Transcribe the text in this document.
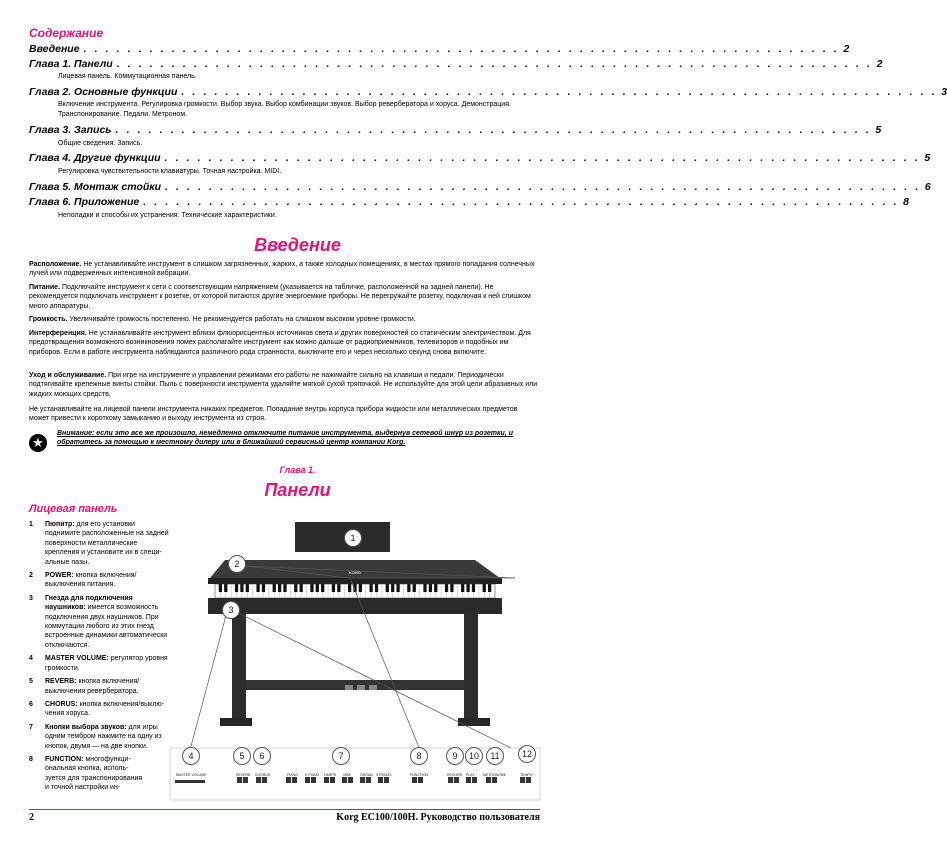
Содержание
Введение . . . . . . . . . . . . . . . . . . . . . . . . . . . . . . . . . . . . . . . . . . . . . . . . . . . . . . . . . . . . . . . . . . . . . 2
Глава 1. Панели . . . . . . . . . . . . . . . . . . . . . . . . . . . . . . . . . . . . . . . . . . . . . . . . . . . . . . . . . . . . . . . . . . . . . 2
Лицевая панель. Коммутационная панель.
Глава 2. Основные функции . . . . . . . . . . . . . . . . . . . . . . . . . . . . . . . . . . . . . . . . . . . . . . . . . . . . . . . . . . . . . . . . . . . . . 3
Включение инструмента. Регулировка громкости. Выбор звука. Выбор комбинации звуков. Выбор ревербератора и хоруса. Демонстрация. Транспонирование. Педали. Метроном.
Глава 3. Запись . . . . . . . . . . . . . . . . . . . . . . . . . . . . . . . . . . . . . . . . . . . . . . . . . . . . . . . . . . . . . . . . . . . . . 5
Общие сведения. Запись.
Глава 4. Другие функции . . . . . . . . . . . . . . . . . . . . . . . . . . . . . . . . . . . . . . . . . . . . . . . . . . . . . . . . . . . . . . . . . . . . . 5
Регулировка чувствительности клавиатуры. Точная настройка. MIDI.
Глава 5. Монтаж стойки . . . . . . . . . . . . . . . . . . . . . . . . . . . . . . . . . . . . . . . . . . . . . . . . . . . . . . . . . . . . . . . . . . . . . 6
Глава 6. Приложение . . . . . . . . . . . . . . . . . . . . . . . . . . . . . . . . . . . . . . . . . . . . . . . . . . . . . . . . . . . . . . . . . . . . . 8
Неполадки и способы их устранения. Технические характеристики.
Введение
Расположение. Не устанавливайте инструмент в слишком загрязненных, жарких, а также холодных помещениях, в местах прямого попадания солнечных лучей или подверженных интенсивной вибрации.
Питание. Подключайте инструмент к сети с соответствующим напряжением (указывается на табличке, расположенной на задней панели). Не рекомендуется подключать инструмент к розетке, от которой питаются другие энергоемкие приборы. Не перегружайте розетку, подключая к ней слишком много аппаратуры.
Громкость. Увеличивайте громкость постепенно. Не рекомендуется работать на слишком высоком уровне громкости.
Интерференция. Не устанавливайте инструмент вблизи флюорисцентных источников света и других поверхностей со статическим электричеством. Для предотвращения возможного возникновения помех располагайте инструмент как можно дальше от радиоприемников, телевизоров и подобных им приборов. Если в работе инструмента наблюдаются различного рода странности, выключите его и через несколько секунд снова включите.
Уход и обслуживание. При игре на инструменте и управлении режимами его работы не нажимайте сильно на клавиши и педали. Периодически подтягивайте крепежные винты стойки. Пыль с поверхности инструмента удаляйте мягкой сухой тряпочкой. Не используйте для этой цели абразивных или жидких моющих средств.
Не устанавливайте на лицевой панели инструмента никаких предметов. Попадание внутрь корпуса прибора жидкости или металлических предметов может привести к короткому замыканию и выходу инструмента из строя.
★
Внимание: если это все же произошло, немедленно отключите питание инструмента, выдернув сетевой шнур из розетки, и обратитесь за помощью к местному дилеру или в ближайший сервисный центр компании Korg.
Глава 1.
Панели
Лицевая панель
1 Пюпитр: для его установки поднимите расположенные на задней поверхности металлические крепления и установите их в специальные пазы.
2 POWER: кнопка включения/выключения питания.
3 Гнезда для подключения наушников: имеется возможность подключения двух наушников. При коммутации любого из этих гнезд встроенные динамики автоматически отключаются.
4 MASTER VOLUME: регулятор уровня громкости.
5 REVERB: кнопка включения/выключения ревербератора.
6 CHORUS: кнопка включения/выключения хоруса.
7 Кнопки выбора звуков: для игры одним тембром нажмите на одну из кнопок, двумя — на две кнопки.
8 FUNCTION: многофункциональная кнопка, используется для транспонирования и точной настройки ин-
KORG
MASTER VOLUME	REVERB CHORUS	PIANO E.PIANO HARPS VIBE	ORGAN STRINGS	FUNCTION	RECORD PLAY METRONOME	TEMPO
1
2
3
4	5	6	7	8	9	10	11	12
2	Korg EC100/100H. Руководство пользователя
